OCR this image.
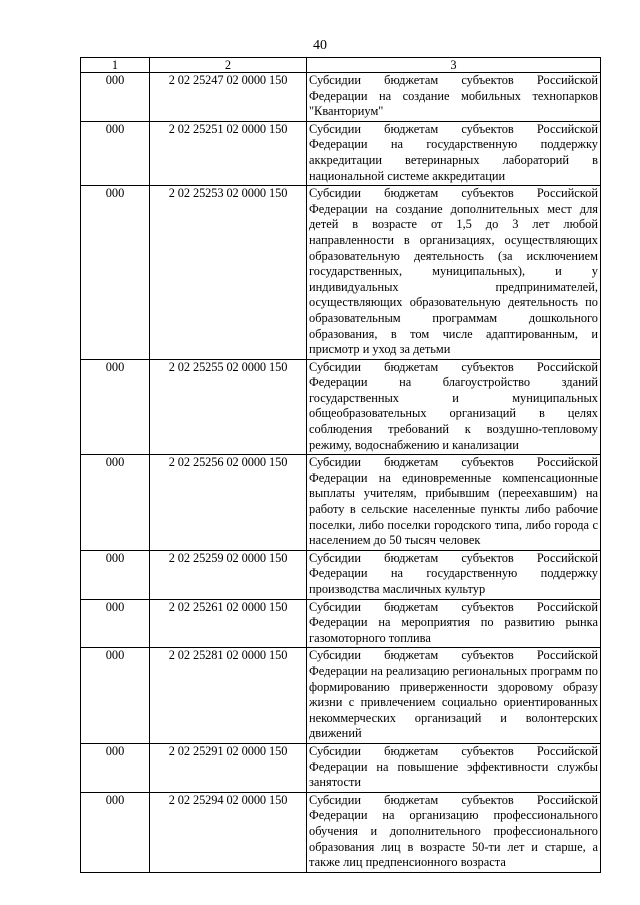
40
1	2	3
000	2 02 25247 02 0000 150	Субсидии бюджетам субъектов Российской Федерации на создание мобильных технопарков "Кванториум"
000	2 02 25251 02 0000 150	Субсидии бюджетам субъектов Российской Федерации на государственную поддержку аккредитации ветеринарных лабораторий в национальной системе аккредитации
000	2 02 25253 02 0000 150	Субсидии бюджетам субъектов Российской Федерации на создание дополнительных мест для детей в возрасте от 1,5 до 3 лет любой направленности в организациях, осуществляющих образовательную деятельность (за исключением государственных, муниципальных), и у индивидуальных предпринимателей, осуществляющих образовательную деятельность по образовательным программам дошкольного образования, в том числе адаптированным, и присмотр и уход за детьми
000	2 02 25255 02 0000 150	Субсидии бюджетам субъектов Российской Федерации на благоустройство зданий государственных и муниципальных общеобразовательных организаций в целях соблюдения требований к воздушно-тепловому режиму, водоснабжению и канализации
000	2 02 25256 02 0000 150	Субсидии бюджетам субъектов Российской Федерации на единовременные компенсационные выплаты учителям, прибывшим (переехавшим) на работу в сельские населенные пункты либо рабочие поселки, либо поселки городского типа, либо города с населением до 50 тысяч человек
000	2 02 25259 02 0000 150	Субсидии бюджетам субъектов Российской Федерации на государственную поддержку производства масличных культур
000	2 02 25261 02 0000 150	Субсидии бюджетам субъектов Российской Федерации на мероприятия по развитию рынка газомоторного топлива
000	2 02 25281 02 0000 150	Субсидии бюджетам субъектов Российской Федерации на реализацию региональных программ по формированию приверженности здоровому образу жизни с привлечением социально ориентированных некоммерческих организаций и волонтерских движений
000	2 02 25291 02 0000 150	Субсидии бюджетам субъектов Российской Федерации на повышение эффективности службы занятости
000	2 02 25294 02 0000 150	Субсидии бюджетам субъектов Российской Федерации на организацию профессионального обучения и дополнительного профессионального образования лиц в возрасте 50-ти лет и старше, а также лиц предпенсионного возраста
